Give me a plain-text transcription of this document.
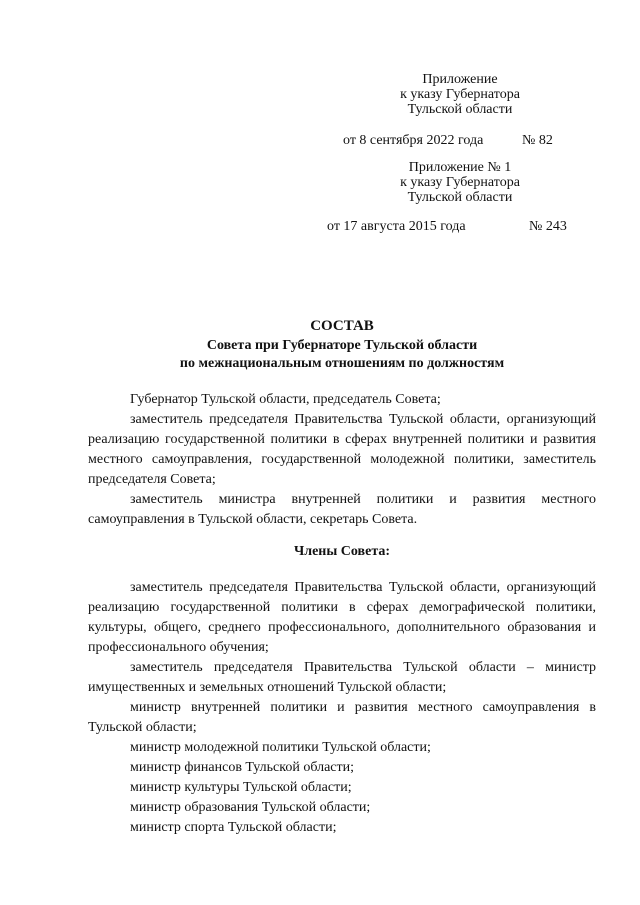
Приложение
к указу Губернатора
Тульской области
от 8 сентября 2022 года	№ 82
Приложение № 1
к указу Губернатора
Тульской области
от 17 августа 2015 года	№ 243
СОСТАВ
Совета при Губернаторе Тульской области
по межнациональным отношениям по должностям

Губернатор Тульской области, председатель Совета;

заместитель председателя Правительства Тульской области, организующий реализацию государственной политики в сферах внутренней политики и развития местного самоуправления, государственной молодежной политики, заместитель председателя Совета;

заместитель министра внутренней политики и развития местного самоуправления в Тульской области, секретарь Совета.

Члены Совета:

заместитель председателя Правительства Тульской области, организующий реализацию государственной политики в сферах демографической политики, культуры, общего, среднего профессионального, дополнительного образования и профессионального обучения;

заместитель председателя Правительства Тульской области – министр имущественных и земельных отношений Тульской области;

министр внутренней политики и развития местного самоуправления в Тульской области;

министр молодежной политики Тульской области;

министр финансов Тульской области;

министр культуры Тульской области;

министр образования Тульской области;

министр спорта Тульской области;
